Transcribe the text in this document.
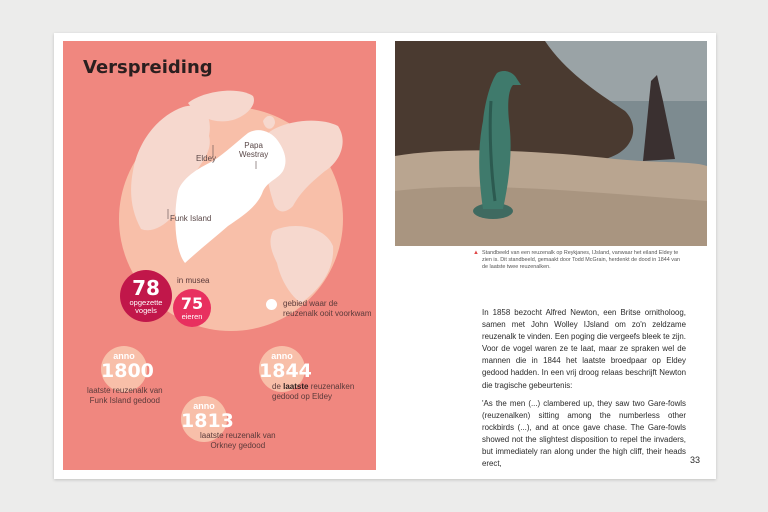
Verspreiding
Eldey
Papa
Westray
Funk Island
78
opgezette
vogels	75
eieren
in musea
gebied waar de reuzenalk ooit voorkwam
anno
1800
laatste reuzenalk van
Funk Island gedood
anno
1813
laatste reuzenalk van
Orkney gedood
anno
1844
de laatste reuzenalken
gedood op Eldey
▲ Standbeeld van een reuzenalk op Reykjanes, IJsland, vanwaar het eiland Eldey te zien is. Dit standbeeld, gemaakt door Todd McGrain, herdenkt de dood in 1844 van de laatste twee reuzenalken.

In 1858 bezocht Alfred Newton, een Britse ornitholoog, samen met John Wolley IJsland om zo'n zeldzame reuzenalk te vinden. Een poging die vergeefs bleek te zijn. Voor de vogel waren ze te laat, maar ze spraken wel de mannen die in 1844 het laatste broedpaar op Eldey gedood hadden. In een vrij droog relaas beschrijft Newton die tragische gebeurtenis:

'As the men (...) clambered up, they saw two Gare-fowls (reuzenalken) sitting among the numberless other rockbirds (...), and at once gave chase. The Gare-fowls showed not the slightest disposition to repel the invaders, but immediately ran along under the high cliff, their heads erect,	33
